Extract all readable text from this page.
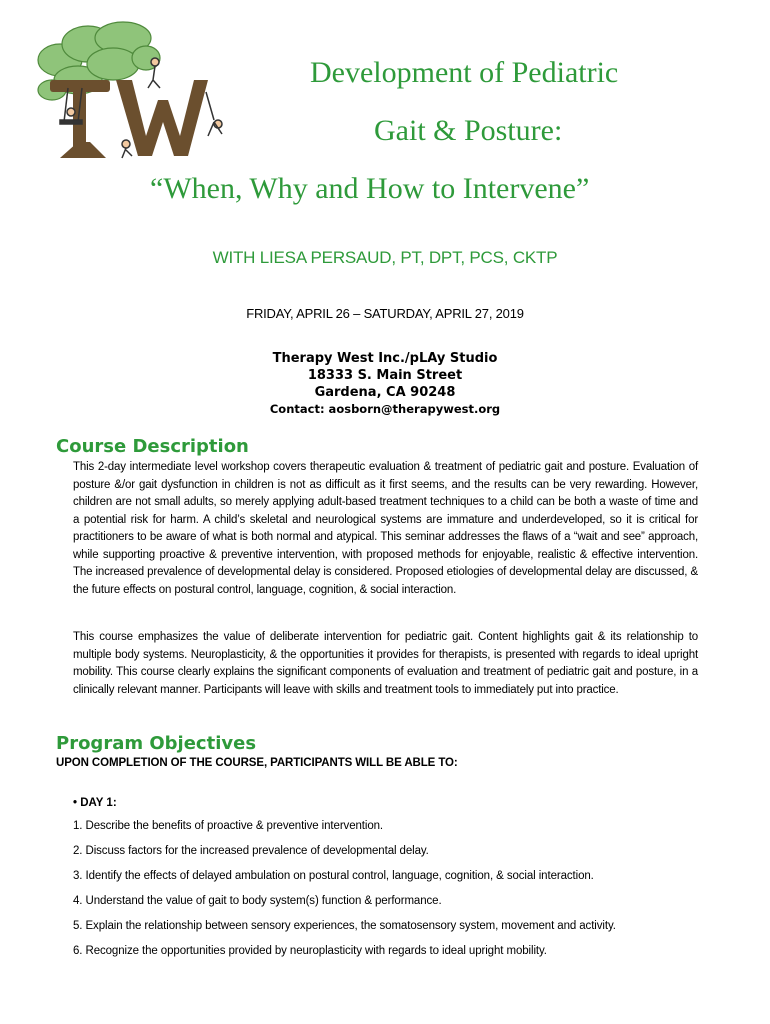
TW
Development of Pediatric
Gait & Posture:
“When, Why and How to Intervene”
WITH LIESA PERSAUD, PT, DPT, PCS, CKTP
FRIDAY, APRIL 26 – SATURDAY, APRIL 27, 2019
Therapy West Inc./pLAy Studio
18333 S. Main Street
Gardena, CA 90248
Contact: aosborn@therapywest.org
Course Description

This 2-day intermediate level workshop covers therapeutic evaluation & treatment of pediatric gait and posture. Evaluation of posture &/or gait dysfunction in children is not as difficult as it first seems, and the results can be very rewarding. However, children are not small adults, so merely applying adult-based treatment techniques to a child can be both a waste of time and a potential risk for harm. A child’s skeletal and neurological systems are immature and underdeveloped, so it is critical for practitioners to be aware of what is both normal and atypical. This seminar addresses the flaws of a “wait and see” approach, while supporting proactive & preventive intervention, with proposed methods for enjoyable, realistic & effective intervention. The increased prevalence of developmental delay is considered. Proposed etiologies of developmental delay are discussed, & the future effects on postural control, language, cognition, & social interaction.

This course emphasizes the value of deliberate intervention for pediatric gait. Content highlights gait & its relationship to multiple body systems. Neuroplasticity, & the opportunities it provides for therapists, is presented with regards to ideal upright mobility. This course clearly explains the significant components of evaluation and treatment of pediatric gait and posture, in a clinically relevant manner. Participants will leave with skills and treatment tools to immediately put into practice.

Program Objectives

UPON COMPLETION OF THE COURSE, PARTICIPANTS WILL BE ABLE TO:

• DAY 1:

1. Describe the benefits of proactive & preventive intervention.
2. Discuss factors for the increased prevalence of developmental delay.
3. Identify the effects of delayed ambulation on postural control, language, cognition, & social interaction.
4. Understand the value of gait to body system(s) function & performance.
5. Explain the relationship between sensory experiences, the somatosensory system, movement and activity.
6. Recognize the opportunities provided by neuroplasticity with regards to ideal upright mobility.
